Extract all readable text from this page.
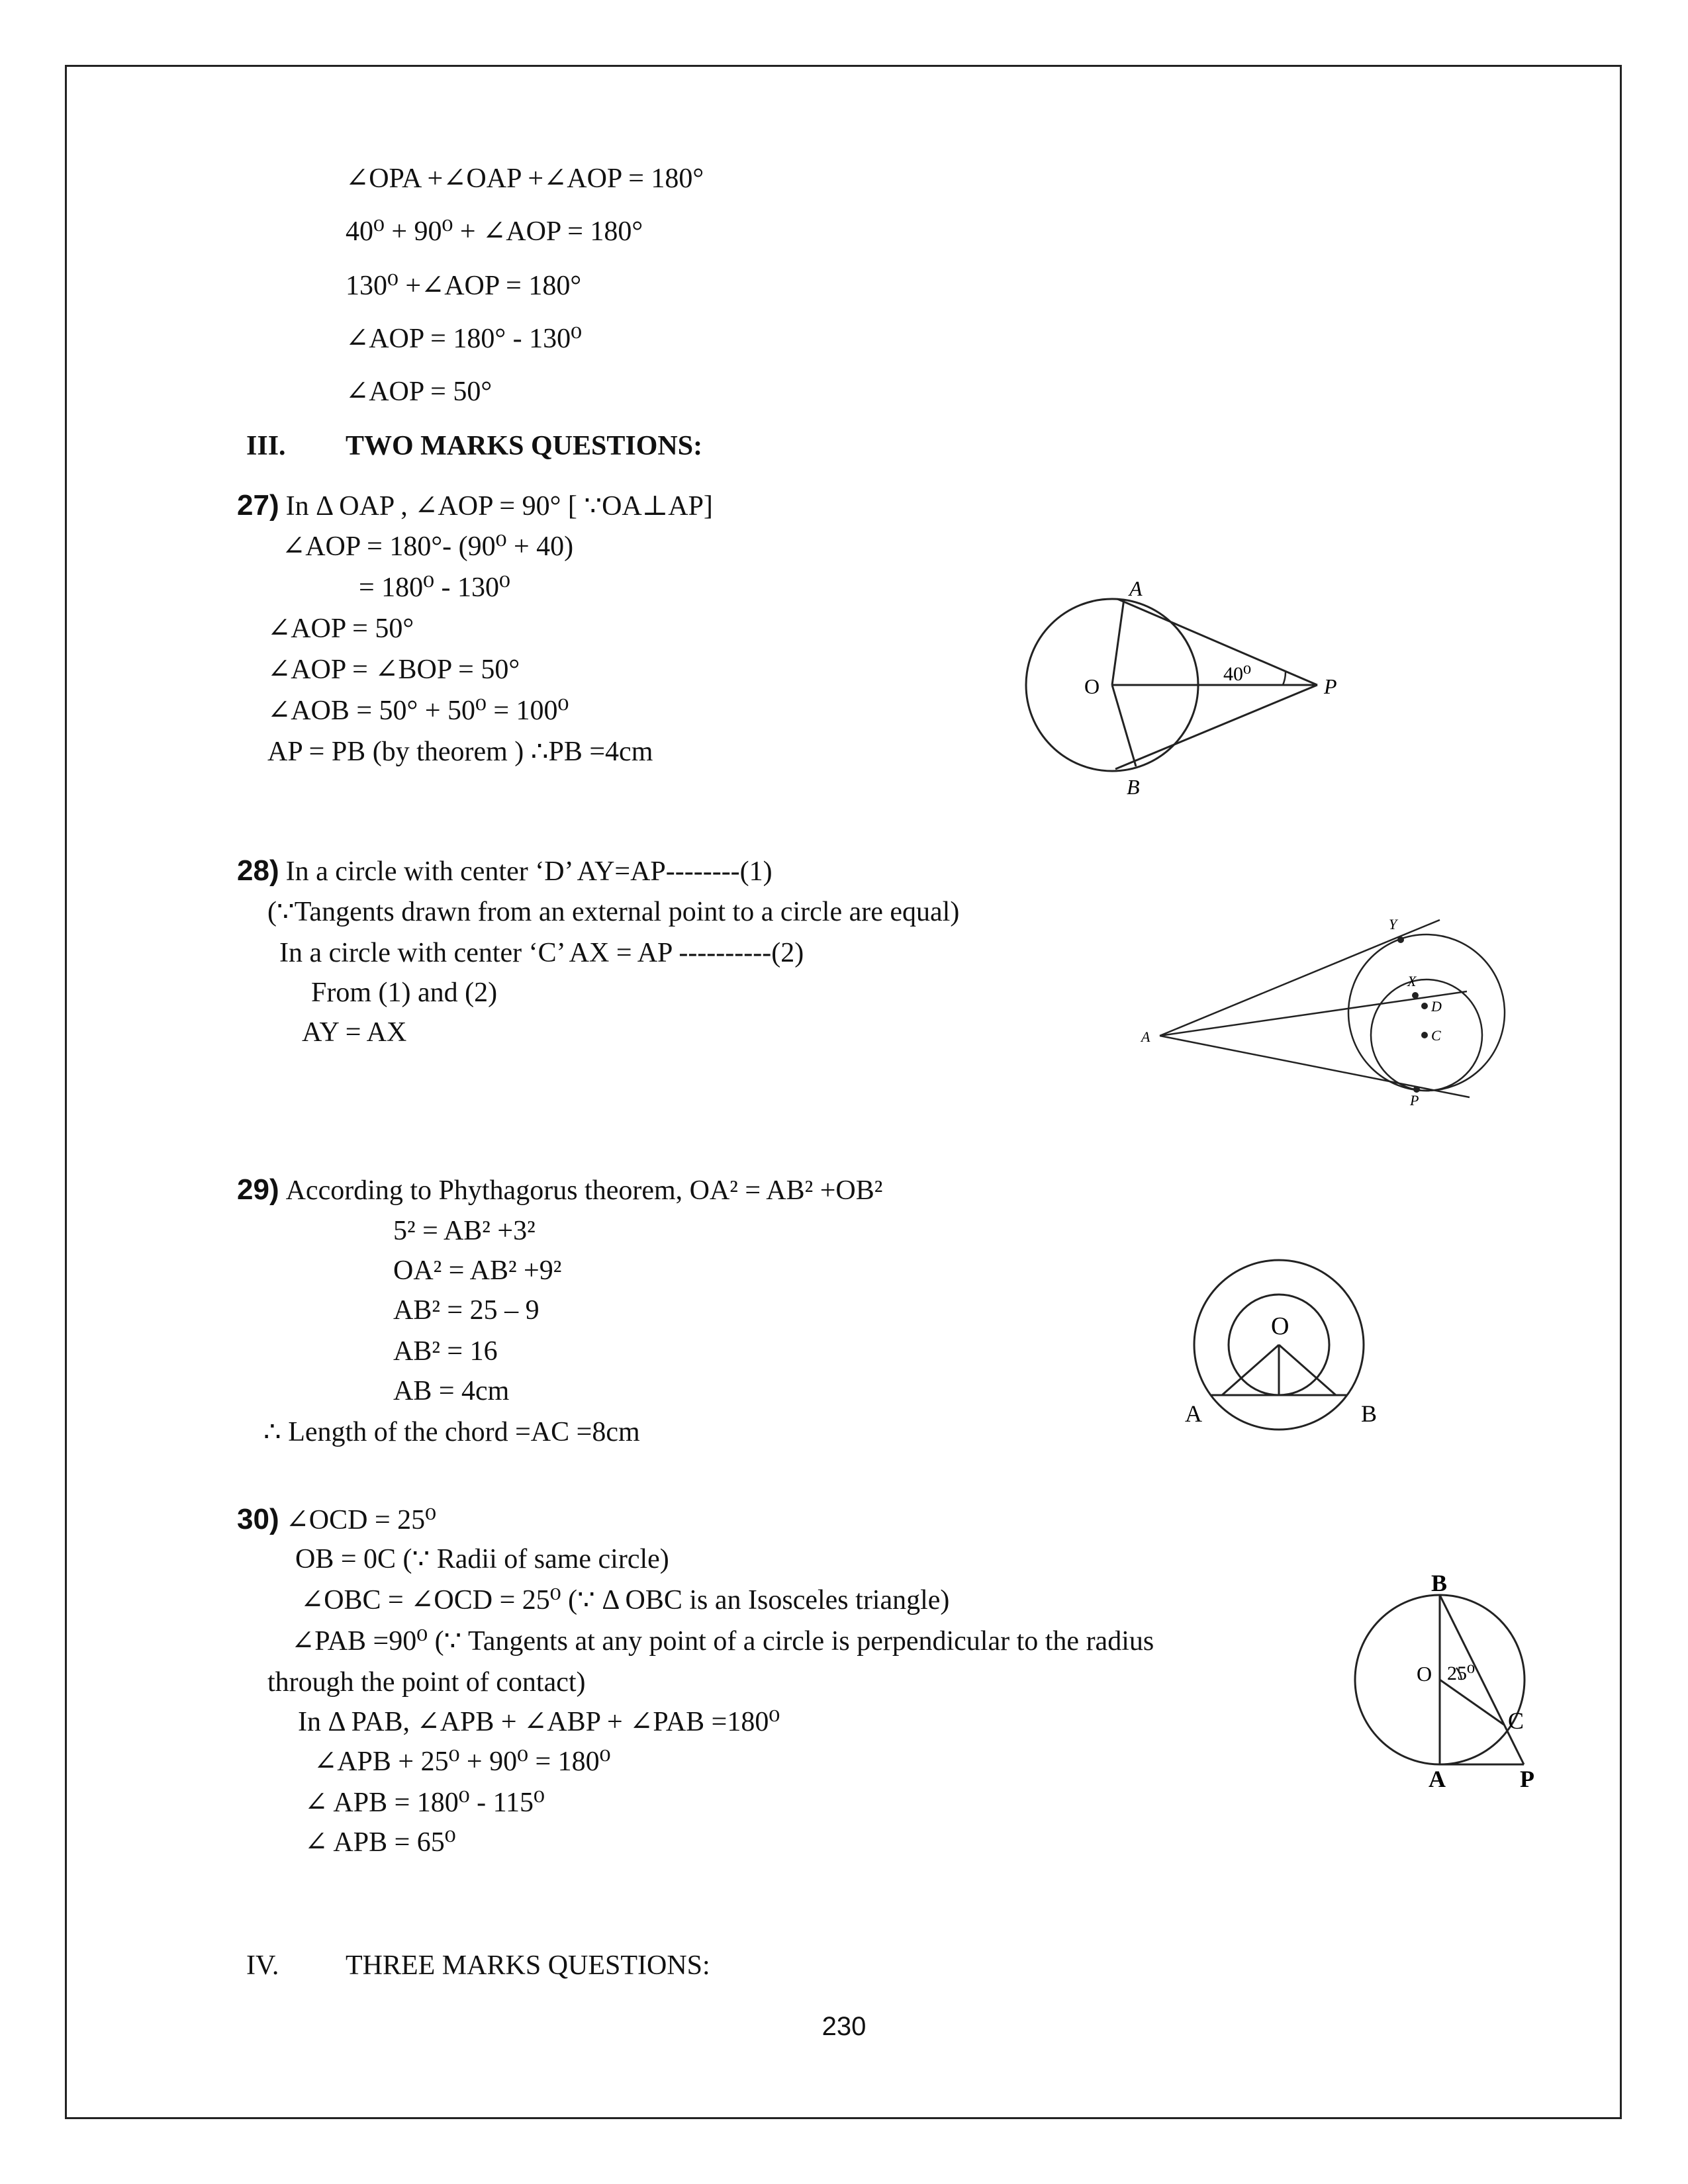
∠OPA +∠OAP +∠AOP = 180°
40⁰ + 90⁰ + ∠AOP = 180°
130⁰ +∠AOP = 180°
∠AOP = 180° - 130⁰
∠AOP = 50°
III. TWO MARKS QUESTIONS:
27) In Δ OAP , ∠AOP = 90° [ ∵OA⊥AP]
∠AOP = 180°- (90⁰ + 40)
= 180⁰ - 130⁰
∠AOP = 50°
∠AOP = ∠BOP = 50°
∠AOB = 50° + 50⁰ = 100⁰
AP = PB (by theorem ) ∴PB =4cm
A
O
40⁰
P
B
28) In a circle with center ‘D’ AY=AP--------(1)
(∵Tangents drawn from an external point to a circle are equal)
In a circle with center ‘C’ AX = AP ----------(2)
From (1) and (2)
AY = AX
Y
X
D
A	C
P
29) According to Phythagorus theorem, OA² = AB² +OB²
5² = AB² +3²
OA² = AB² +9²
AB² = 25 – 9
AB² = 16
AB = 4cm
∴ Length of the chord =AC =8cm
O
A	B
30) ∠OCD = 25⁰
OB = 0C (∵ Radii of same circle)
∠OBC = ∠OCD = 25⁰ (∵ Δ OBC is an Isosceles triangle)
∠PAB =90⁰ (∵ Tangents at any point of a circle is perpendicular to the radius
through the point of contact)
In Δ PAB, ∠APB + ∠ABP + ∠PAB =180⁰
∠APB + 25⁰ + 90⁰ = 180⁰
∠ APB = 180⁰ - 115⁰
∠ APB = 65⁰
B
O 25⁰
C
A	P
IV. THREE MARKS QUESTIONS:
230
